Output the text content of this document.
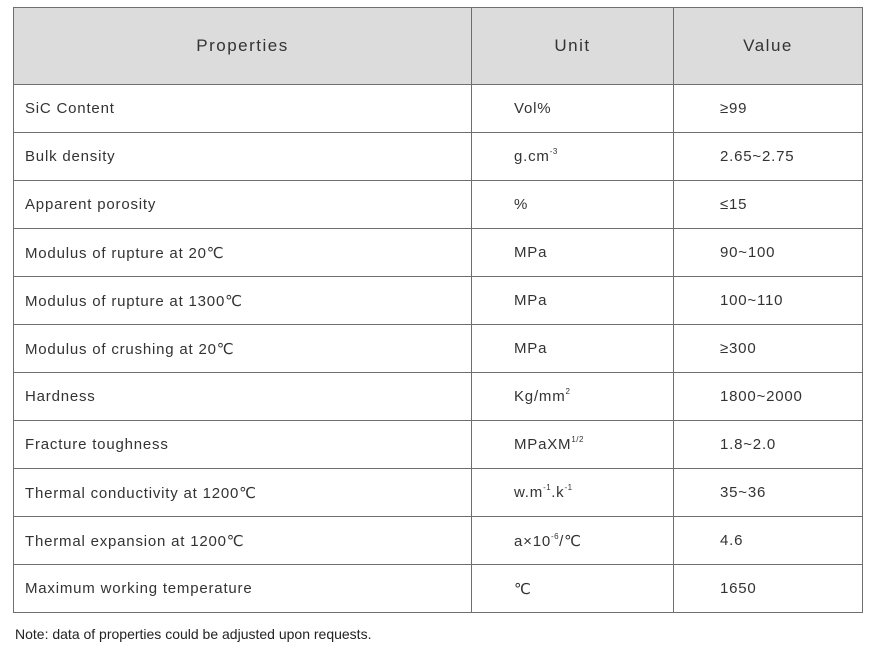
Properties	Unit	Value
SiC Content	Vol%	≥99
Bulk density	$g.cm^{-3}$	2.65~2.75
Apparent porosity	%	≤15
Modulus of rupture at 20℃	MPa	90~100
Modulus of rupture at 1300℃	MPa	100~110
Modulus of crushing at 20℃	MPa	≥300
Hardness	$Kg/mm^2$	1800~2000
Fracture toughness	MPaXM$^{1/2}$	1.8~2.0
Thermal conductivity at 1200℃	$w.m^{-1}.k^{-1}$	35~36
Thermal expansion at 1200℃	$a\times 10^{-6}/℃$	4.6
Maximum working temperature	℃	1650
Note: data of properties could be adjusted upon requests.
